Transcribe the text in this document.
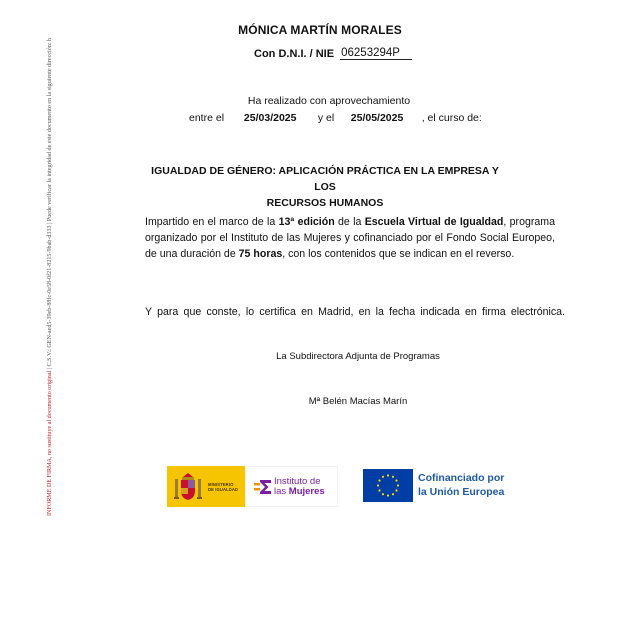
INFORME DE FIRMA, no sustituye al documento original | C.S.V.: GEN-aed5-39eb-88fc-0e58-0f21-8215-9bab-d333 | Puede verificar la integridad de este documento en la siguiente dirección: h
MÓNICA MARTÍN MORALES
Con D.N.I. / NIE 06253294P
Ha realizado con aprovechamiento
entre el 25/03/2025 y el 25/05/2025 , el curso de:
IGUALDAD DE GÉNERO: APLICACIÓN PRÁCTICA EN LA EMPRESA Y LOS
RECURSOS HUMANOS
Impartido en el marco de la 13ª edición de la Escuela Virtual de Igualdad, programa organizado por el Instituto de las Mujeres y cofinanciado por el Fondo Social Europeo, de una duración de 75 horas, con los contenidos que se indican en el reverso.
Y para que conste, lo certifica en Madrid, en la fecha indicada en firma electrónica.
La Subdirectora Adjunta de Programas
Mª Belén Macías Marín
MINISTERIO
DE IGUALDAD
Instituto de
las Mujeres
Cofinanciado por
la Unión Europea
